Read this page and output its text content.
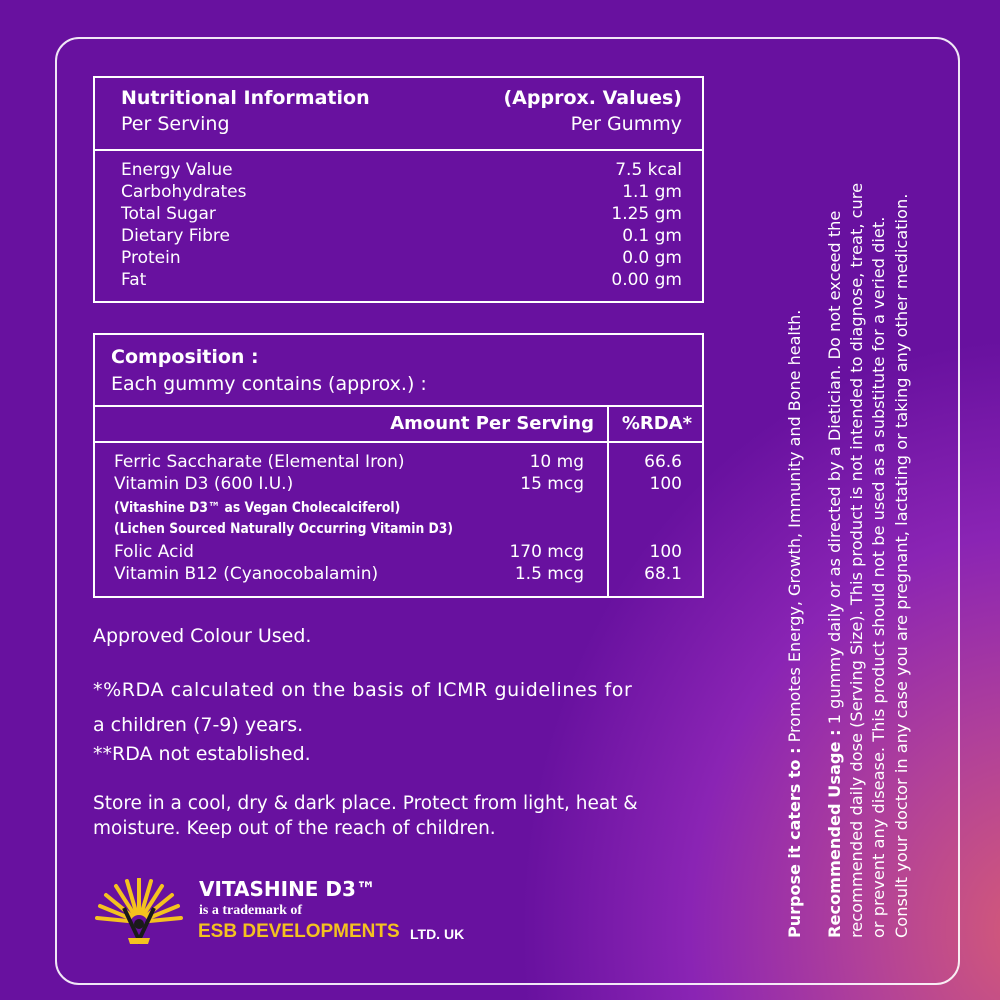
Nutritional Information
Per Serving
(Approx. Values)
Per Gummy
Energy Value	7.5 kcal
Carbohydrates	1.1 gm
Total Sugar	1.25 gm
Dietary Fibre	0.1 gm
Protein	0.0 gm
Fat	0.00 gm
Composition :
Each gummy contains (approx.) :
Amount Per Serving %RDA*
Ferric Saccharate (Elemental Iron)	10 mg	66.6
Vitamin D3 (600 I.U.)	15 mcg	100
(Vitashine D3™ as Vegan Cholecalciferol)
(Lichen Sourced Naturally Occurring Vitamin D3)
Folic Acid	170 mcg	100
Vitamin B12 (Cyanocobalamin)	1.5 mcg	68.1
Approved Colour Used.
*%RDA calculated on the basis of ICMR guidelines for
a children (7-9) years.
**RDA not established.
Store in a cool, dry & dark place. Protect from light, heat &
moisture. Keep out of the reach of children.
VITASHINE D3™
is a trademark of
ESB DEVELOPMENTS LTD. UK	Purpose it caters to : Promotes Energy, Growth, Immunity and Bone health.
Recommended Usage : 1 gummy daily or as directed by a Dietician. Do not exceed the recommended daily dose (Serving Size). This product is not intended to diagnose, treat, cure or prevent any disease. This product should not be used as a substitute for a veried diet. Consult your doctor in any case you are pregnant, lactating or taking any other medication.
